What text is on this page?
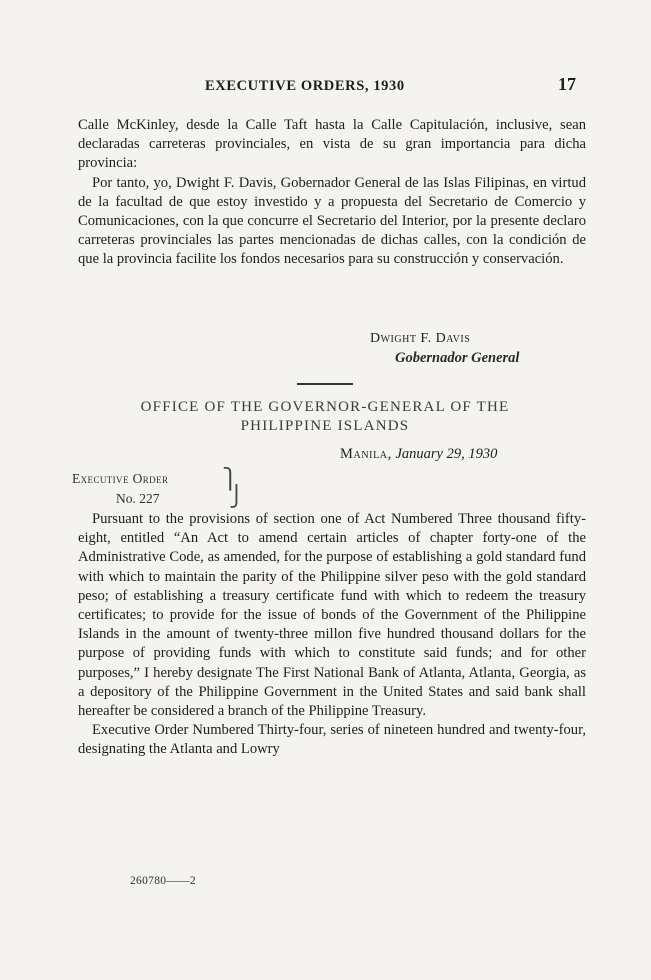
EXECUTIVE ORDERS, 1930	17

Calle McKinley, desde la Calle Taft hasta la Calle Capitulación, inclusive, sean declaradas carreteras provinciales, en vista de su gran importancia para dicha provincia:

Por tanto, yo, Dwight F. Davis, Gobernador General de las Islas Filipinas, en virtud de la facultad de que estoy investido y a propuesta del Secretario de Comercio y Comunicaciones, con la que concurre el Secretario del Interior, por la presente declaro carreteras provinciales las partes mencionadas de dichas calles, con la condición de que la provincia facilite los fondos necesarios para su construcción y conservación.

Dwight F. Davis
Gobernador General
OFFICE OF THE GOVERNOR-GENERAL OF THE
PHILIPPINE ISLANDS
Manila, January 29, 1930
Executive Order
No. 227
⎫
⎭

Pursuant to the provisions of section one of Act Numbered Three thousand fifty-eight, entitled “An Act to amend certain articles of chapter forty-one of the Administrative Code, as amended, for the purpose of establishing a gold standard fund with which to maintain the parity of the Philippine silver peso with the gold standard peso; of establishing a treasury certificate fund with which to redeem the treasury certificates; to provide for the issue of bonds of the Government of the Philippine Islands in the amount of twenty-three millon five hundred thousand dollars for the purpose of providing funds with which to constitute said funds; and for other purposes,” I hereby designate The First National Bank of Atlanta, Atlanta, Georgia, as a depository of the Philippine Government in the United States and said bank shall hereafter be considered a branch of the Philippine Treasury.

Executive Order Numbered Thirty-four, series of nineteen hundred and twenty-four, designating the Atlanta and Lowry

260780——2
